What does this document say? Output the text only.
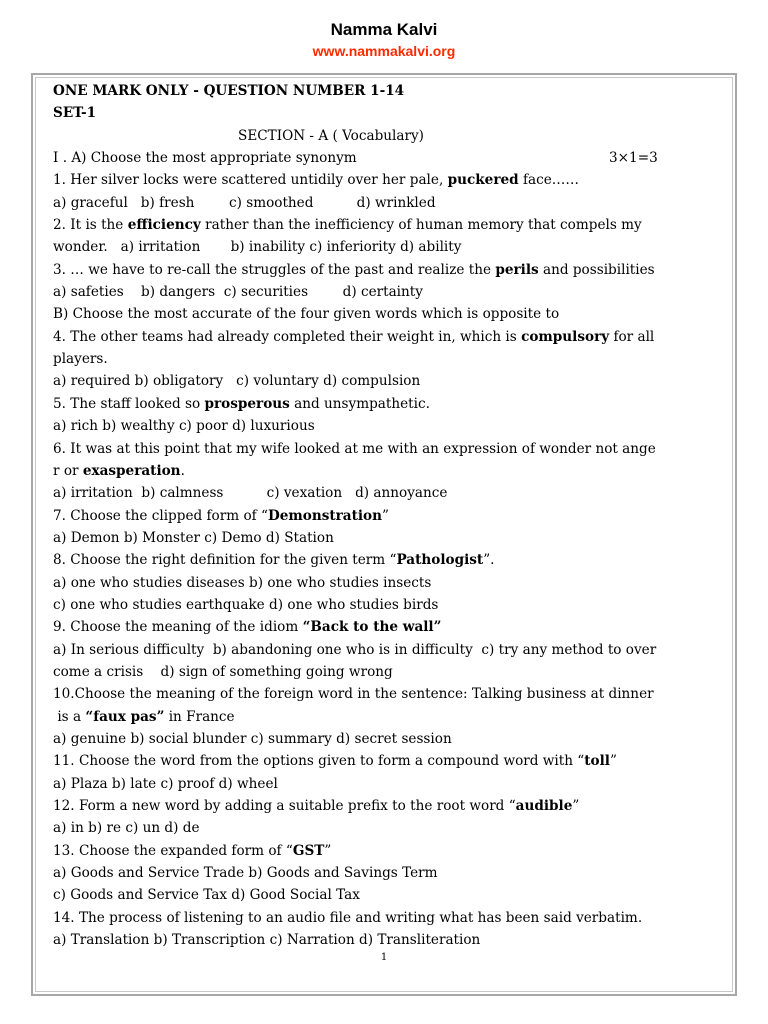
Namma Kalvi
www.nammakalvi.org
ONE MARK ONLY - QUESTION NUMBER 1-14
SET-1
SECTION - A ( Vocabulary)
I . A) Choose the most appropriate synonym	3×1=3
1. Her silver locks were scattered untidily over her pale, puckered face……
a) graceful   b) fresh        c) smoothed          d) wrinkled
2. It is the efficiency rather than the inefficiency of human memory that compels my
wonder.   a) irritation       b) inability c) inferiority d) ability
3. … we have to re-call the struggles of the past and realize the perils and possibilities
a) safeties    b) dangers  c) securities        d) certainty
B) Choose the most accurate of the four given words which is opposite to
4. The other teams had already completed their weight in, which is compulsory for all
players.
a) required b) obligatory   c) voluntary d) compulsion
5. The staff looked so prosperous and unsympathetic.
a) rich b) wealthy c) poor d) luxurious
6. It was at this point that my wife looked at me with an expression of wonder not ange
r or exasperation.
a) irritation  b) calmness          c) vexation   d) annoyance
7. Choose the clipped form of “Demonstration”
a) Demon b) Monster c) Demo d) Station
8. Choose the right definition for the given term “Pathologist”.
a) one who studies diseases b) one who studies insects
c) one who studies earthquake d) one who studies birds
9. Choose the meaning of the idiom “Back to the wall”
a) In serious difficulty  b) abandoning one who is in difficulty  c) try any method to over
come a crisis    d) sign of something going wrong
10.Choose the meaning of the foreign word in the sentence: Talking business at dinner
is a “faux pas” in France
a) genuine b) social blunder c) summary d) secret session
11. Choose the word from the options given to form a compound word with “toll”
a) Plaza b) late c) proof d) wheel
12. Form a new word by adding a suitable prefix to the root word “audible”
a) in b) re c) un d) de
13. Choose the expanded form of “GST”
a) Goods and Service Trade b) Goods and Savings Term
c) Goods and Service Tax d) Good Social Tax
14. The process of listening to an audio file and writing what has been said verbatim.
a) Translation b) Transcription c) Narration d) Transliteration
1
